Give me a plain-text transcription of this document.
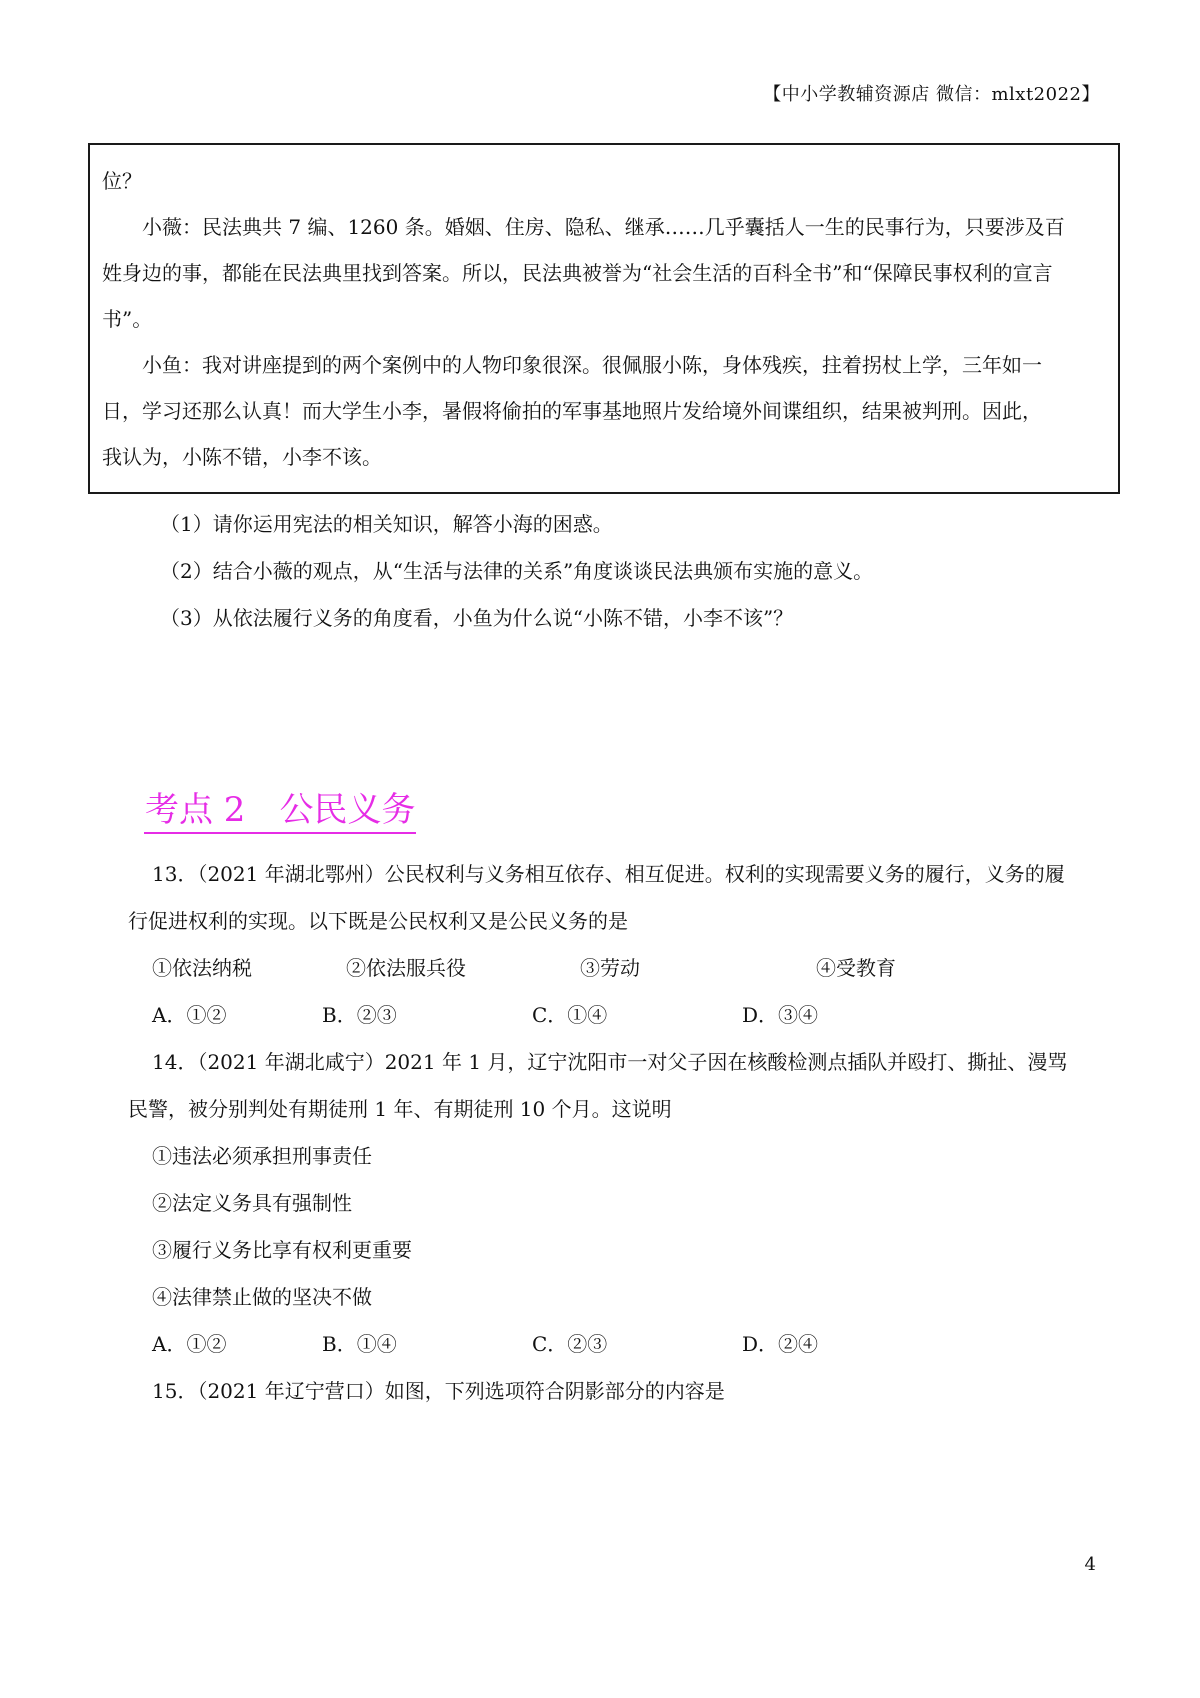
【中小学教辅资源店 微信：mlxt2022】

位？

小薇：民法典共 7 编、1260 条。婚姻、住房、隐私、继承……几乎囊括人一生的民事行为，只要涉及百

姓身边的事，都能在民法典里找到答案。所以，民法典被誉为“社会生活的百科全书”和“保障民事权利的宣言

书”。

小鱼：我对讲座提到的两个案例中的人物印象很深。很佩服小陈，身体残疾，拄着拐杖上学，三年如一

日，学习还那么认真！而大学生小李，暑假将偷拍的军事基地照片发给境外间谍组织，结果被判刑。因此，

我认为，小陈不错，小李不该。

（1）请你运用宪法的相关知识，解答小海的困惑。

（2）结合小薇的观点，从“生活与法律的关系”角度谈谈民法典颁布实施的意义。

（3）从依法履行义务的角度看，小鱼为什么说“小陈不错，小李不该”？

考点 2　公民义务

13．（2021 年湖北鄂州）公民权利与义务相互依存、相互促进。权利的实现需要义务的履行，义务的履

行促进权利的实现。以下既是公民权利又是公民义务的是

①依法纳税	②依法服兵役	③劳动	④受教育
A．①②	B．②③	C．①④	D．③④

14．（2021 年湖北咸宁）2021 年 1 月，辽宁沈阳市一对父子因在核酸检测点插队并殴打、撕扯、漫骂

民警，被分别判处有期徒刑 1 年、有期徒刑 10 个月。这说明

①违法必须承担刑事责任
②法定义务具有强制性
③履行义务比享有权利更重要
④法律禁止做的坚决不做
A．①②	B．①④	C．②③	D．②④

15．（2021 年辽宁营口）如图，下列选项符合阴影部分的内容是

4
